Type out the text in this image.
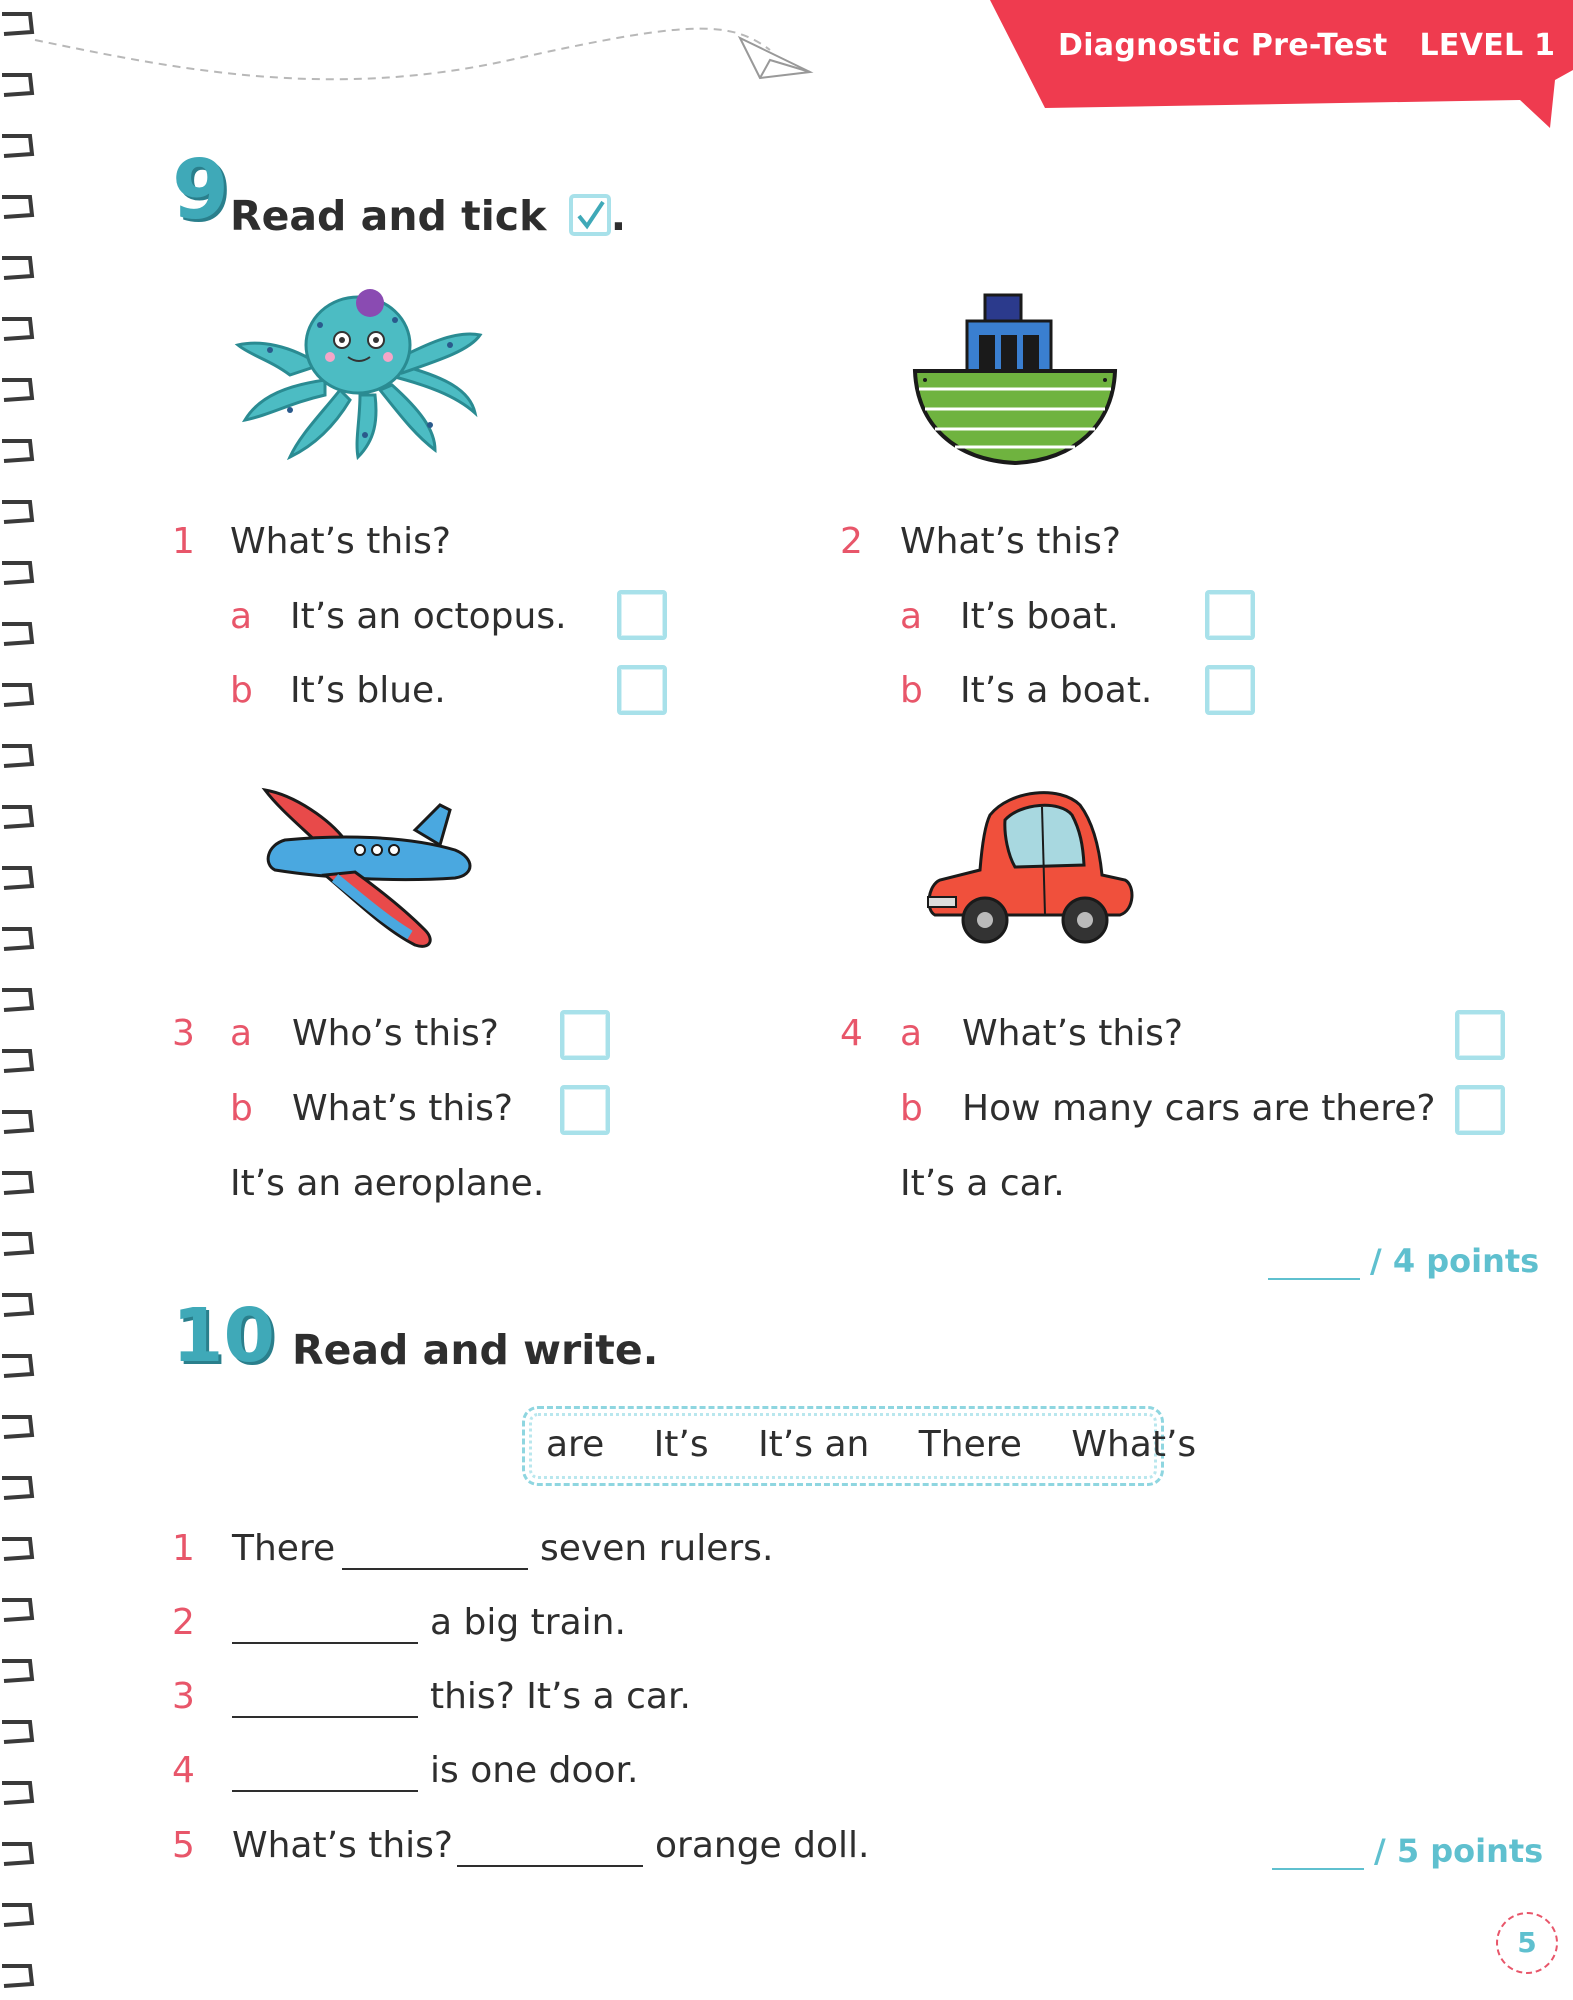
Diagnostic Pre-Test LEVEL 1
9 Read and tick .
1 What’s this?
a It’s an octopus.
b It’s blue.
2 What’s this?
a It’s boat.
b It’s a boat.
3 a Who’s this?
b What’s this?
It’s an aeroplane.
4 a What’s this?
b How many cars are there?
It’s a car.
/ 4 points
10 Read and write.
are It’s It’s an There What’s
1 There	seven rulers.
2	a big train.
3	this? It’s a car.
4	is one door.
5 What’s this?	orange doll.	/ 5 points
5
